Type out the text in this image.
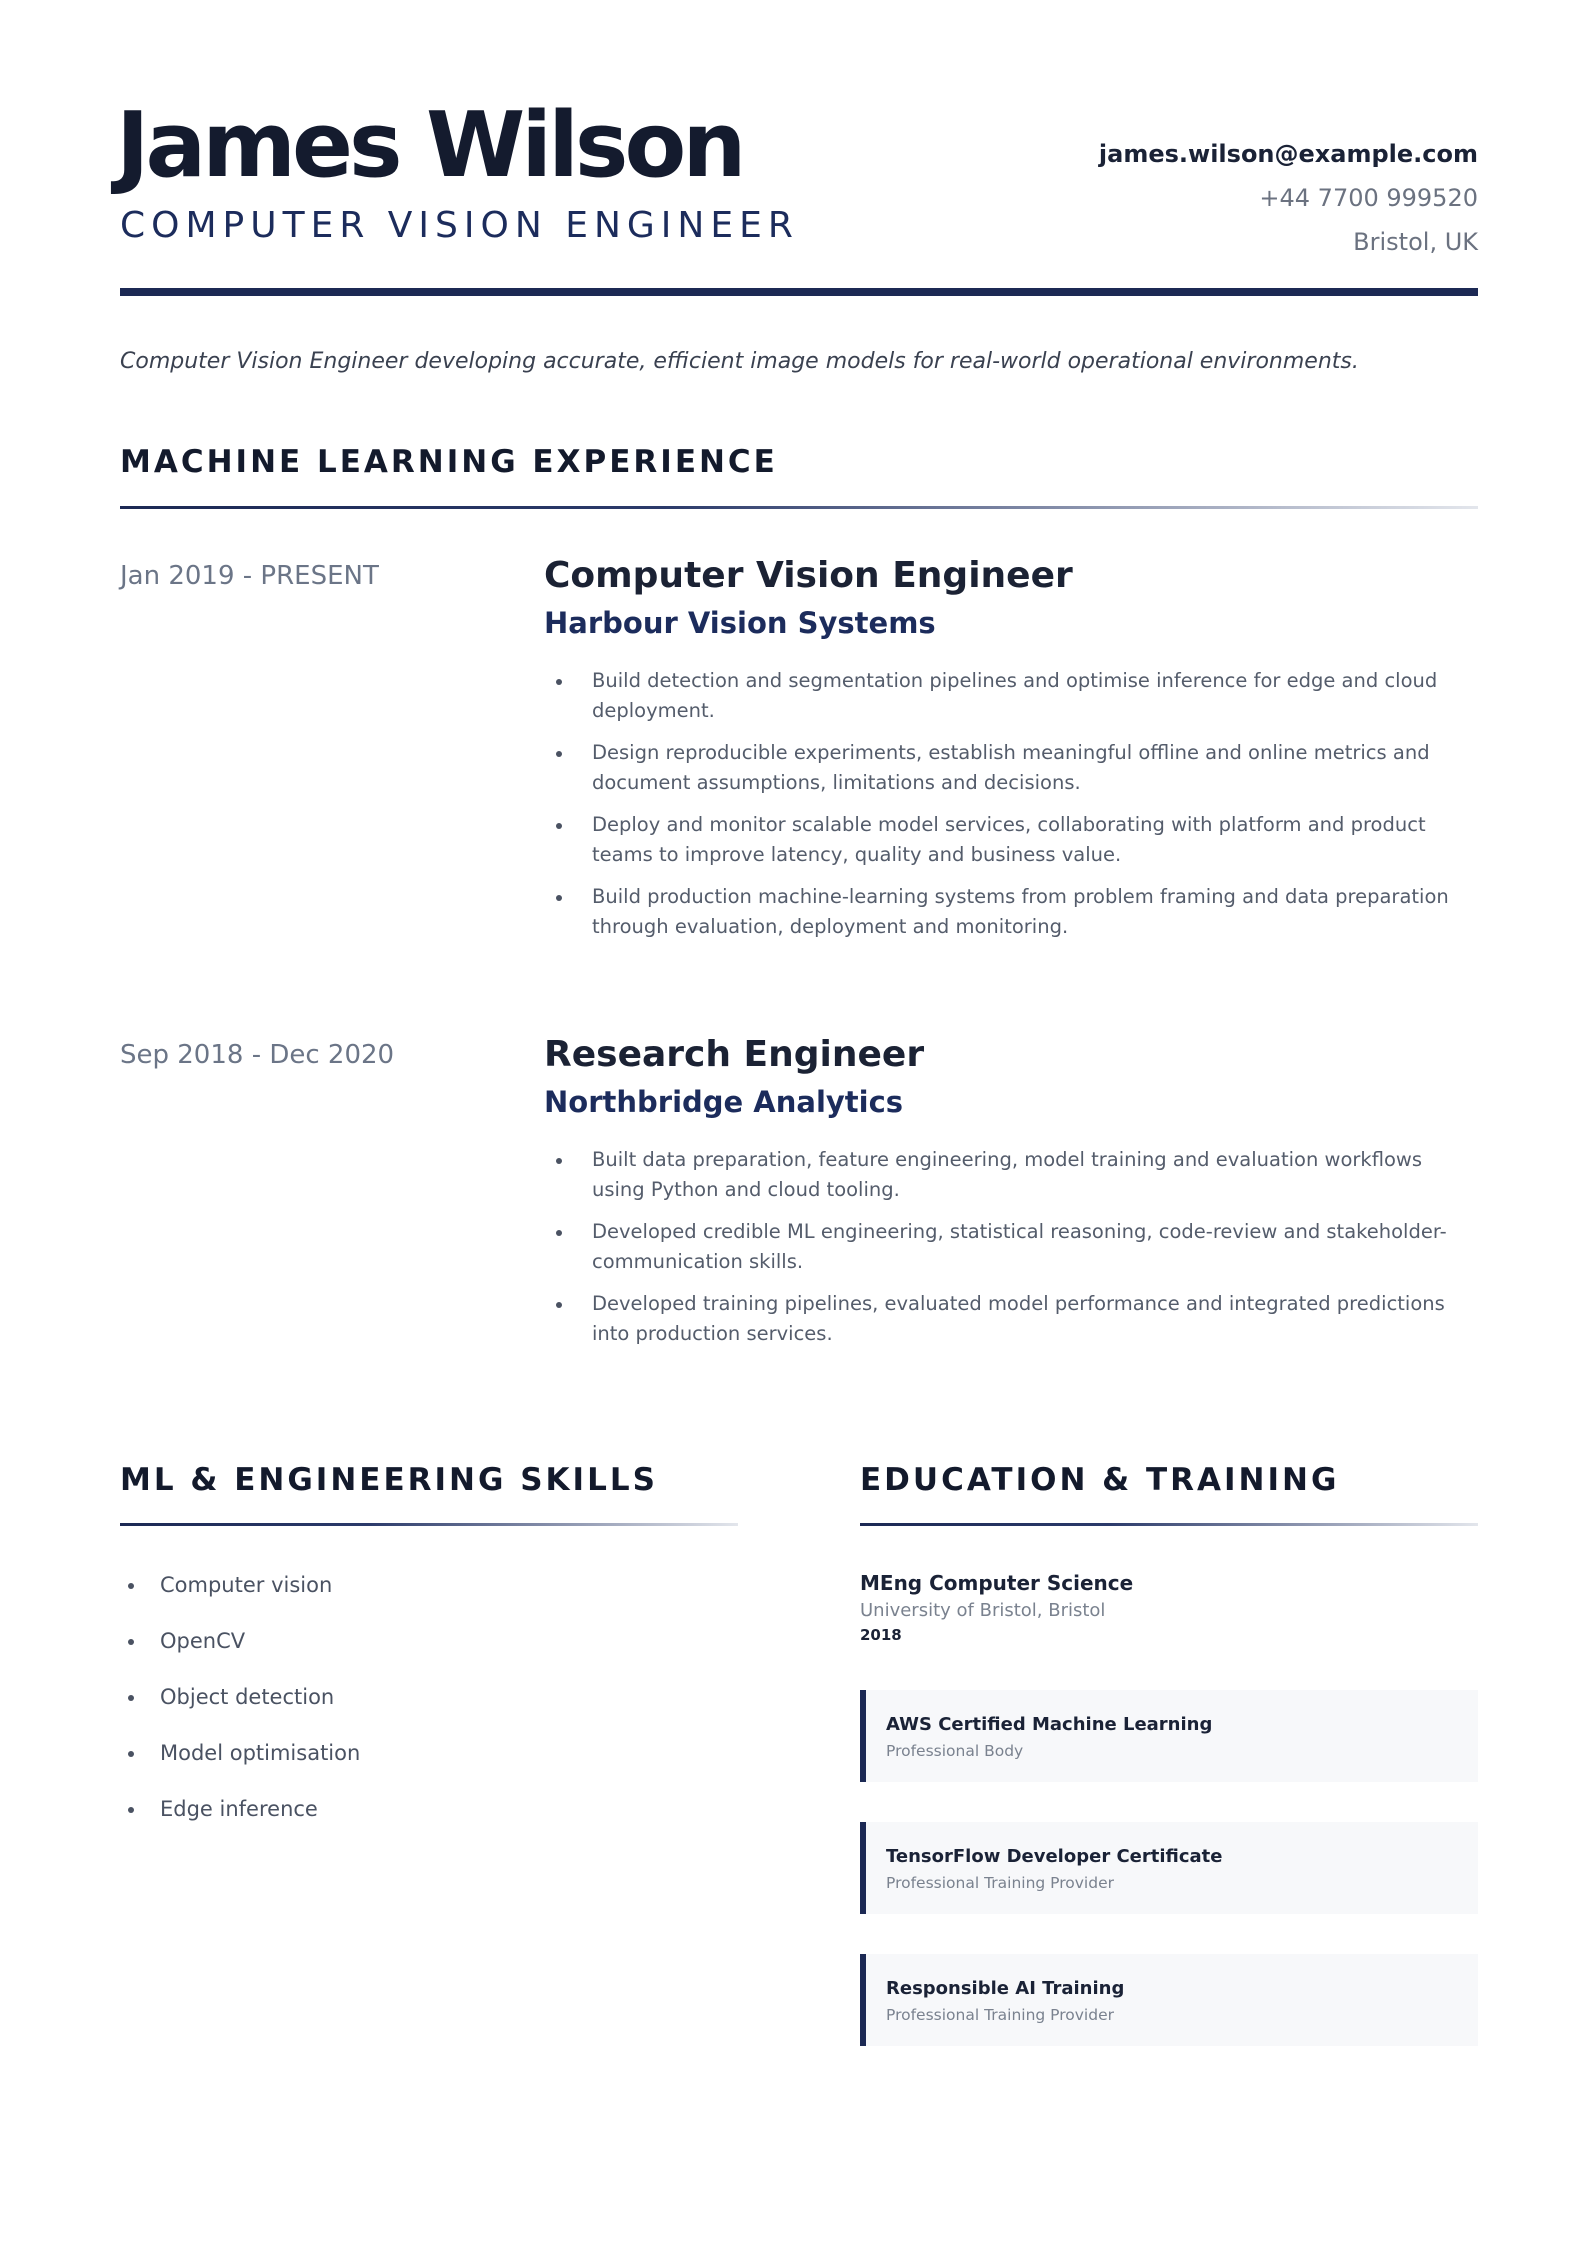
James Wilson
COMPUTER VISION ENGINEER
james.wilson@example.com
+44 7700 999520
Bristol, UK
Computer Vision Engineer developing accurate, efficient image models for real-world operational environments.
MACHINE LEARNING EXPERIENCE
Jan 2019 - PRESENT	Computer Vision Engineer
Harbour Vision Systems
Build detection and segmentation pipelines and optimise inference for edge and cloud deployment.
Design reproducible experiments, establish meaningful offline and online metrics and document assumptions, limitations and decisions.
Deploy and monitor scalable model services, collaborating with platform and product teams to improve latency, quality and business value.
Build production machine-learning systems from problem framing and data preparation through evaluation, deployment and monitoring.
Sep 2018 - Dec 2020	Research Engineer
Northbridge Analytics
Built data preparation, feature engineering, model training and evaluation workflows using Python and cloud tooling.
Developed credible ML engineering, statistical reasoning, code-review and stakeholder-communication skills.
Developed training pipelines, evaluated model performance and integrated predictions into production services.
ML & ENGINEERING SKILLS
Computer vision
OpenCV
Object detection
Model optimisation
Edge inference
EDUCATION & TRAINING
MEng Computer Science
University of Bristol, Bristol
2018
AWS Certified Machine Learning
Professional Body
TensorFlow Developer Certificate
Professional Training Provider
Responsible AI Training
Professional Training Provider
